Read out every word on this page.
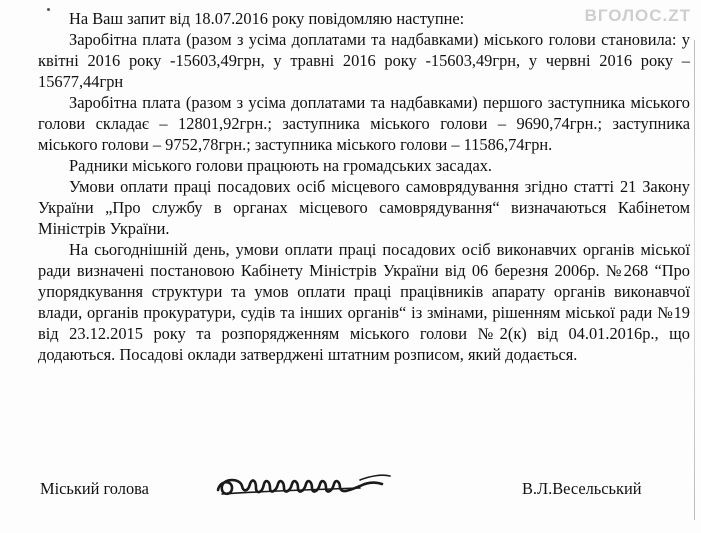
ВГОЛОС.ZT

На Ваш запит від 18.07.2016 року повідомляю наступне:

Заробітна плата (разом з усіма доплатами та надбавками) міського голови становила: у квітні 2016 року -15603,49грн, у травні 2016 року -15603,49грн, у червні 2016 року – 15677,44грн

Заробітна плата (разом з усіма доплатами та надбавками) першого заступника міського голови складає – 12801,92грн.; заступника міського голови – 9690,74грн.; заступника міського голови – 9752,78грн.; заступника міського голови – 11586,74грн.

Радники міського голови працюють на громадських засадах.

Умови оплати праці посадових осіб місцевого самоврядування згідно статті 21 Закону України „Про службу в органах місцевого самоврядування“ визначаються Кабінетом Міністрів України.

На сьогоднішній день, умови оплати праці посадових осіб виконавчих органів міської ради визначені постановою Кабінету Міністрів України від 06 березня 2006р. №268 “Про упорядкування структури та умов оплати праці працівників апарату органів виконавчої влади, органів прокуратури, судів та інших органів“ із змінами, рішенням міської ради №19 від 23.12.2015 року та розпорядженням міського голови №2(к) від 04.01.2016р., що додаються. Посадові оклади затверджені штатним розписом, який додається.

Міський голова	В.Л.Весельський
